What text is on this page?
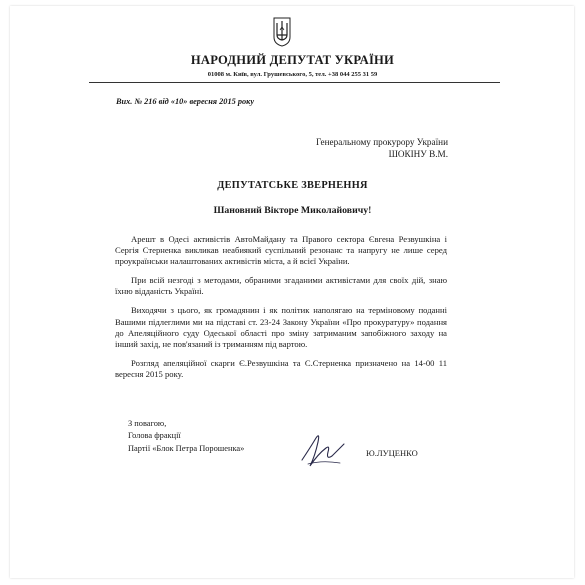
НАРОДНИЙ ДЕПУТАТ УКРАЇНИ
01008 м. Київ, вул. Грушевського, 5, тел. +38 044 255 31 59
Вих. № 216 від «10» вересня 2015 року
Генеральному прокурору України
ШОКІНУ В.М.
ДЕПУТАТСЬКЕ ЗВЕРНЕННЯ
Шановний Вікторе Миколайовичу!

Арешт в Одесі активістів АвтоМайдану та Правого сектора Євгена Резвушкіна і Сергія Стерненка викликав неабиякий суспільний резонанс та напругу не лише серед проукраїнськи налаштованих активістів міста, а й всієї України.

При всій незгоді з методами, обраними згаданими активістами для своїх дій, знаю їхню відданість Україні.

Виходячи з цього, як громадянин і як політик наполягаю на терміновому поданні Вашими підлеглими ми на підставі ст. 23-24 Закону України «Про прокуратуру» подання до Апеляційного суду Одеської області про зміну затриманим запобіжного заходу на інший захід, не пов'язаний із триманням під вартою.

Розгляд апеляційної скарги Є.Резвушкіна та С.Стерненка призначено на 14-00 11 вересня 2015 року.

З повагою,
Голова фракції
Партії «Блок Петра Порошенка»	Ю.ЛУЦЕНКО
